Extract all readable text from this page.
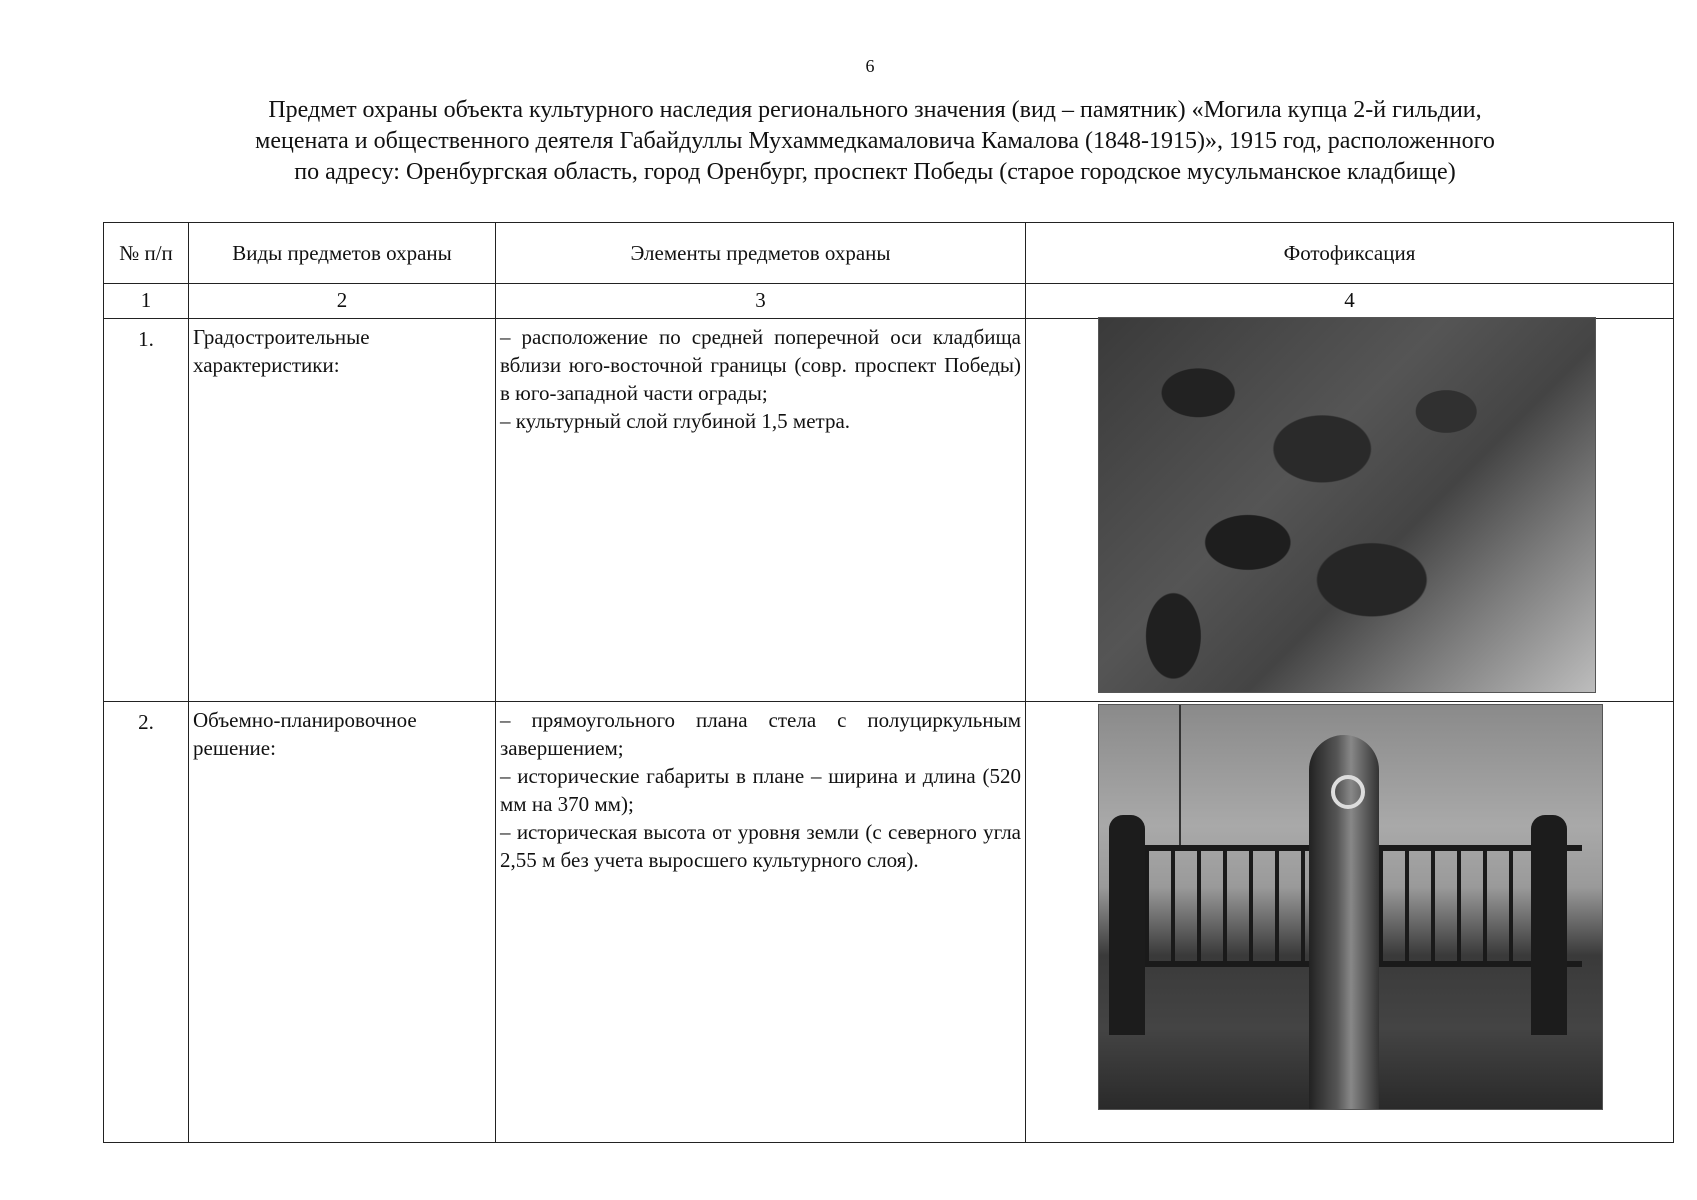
6
Предмет охраны объекта культурного наследия регионального значения (вид – памятник) «Могила купца 2-й гильдии,
мецената и общественного деятеля Габайдуллы Мухаммедкамаловича Камалова (1848-1915)», 1915 год, расположенного
по адресу: Оренбургская область, город Оренбург, проспект Победы (старое городское мусульманское кладбище)
№ п/п	Виды предметов охраны	Элементы предметов охраны	Фотофиксация
1	2	3	4
1.	Градостроительные характеристики:	– расположение по средней поперечной оси кладбища вблизи юго-восточной границы (совр. проспект Победы) в юго-западной части ограды;
– культурный слой глубиной 1,5 метра.	

2.	Объемно-планировочное решение:	– прямоугольного плана стела с полуциркульным завершением;
– исторические габариты в плане – ширина и длина (520 мм на 370 мм);
– историческая высота от уровня земли (с северного угла 2,55 м без учета выросшего культурного слоя).	
